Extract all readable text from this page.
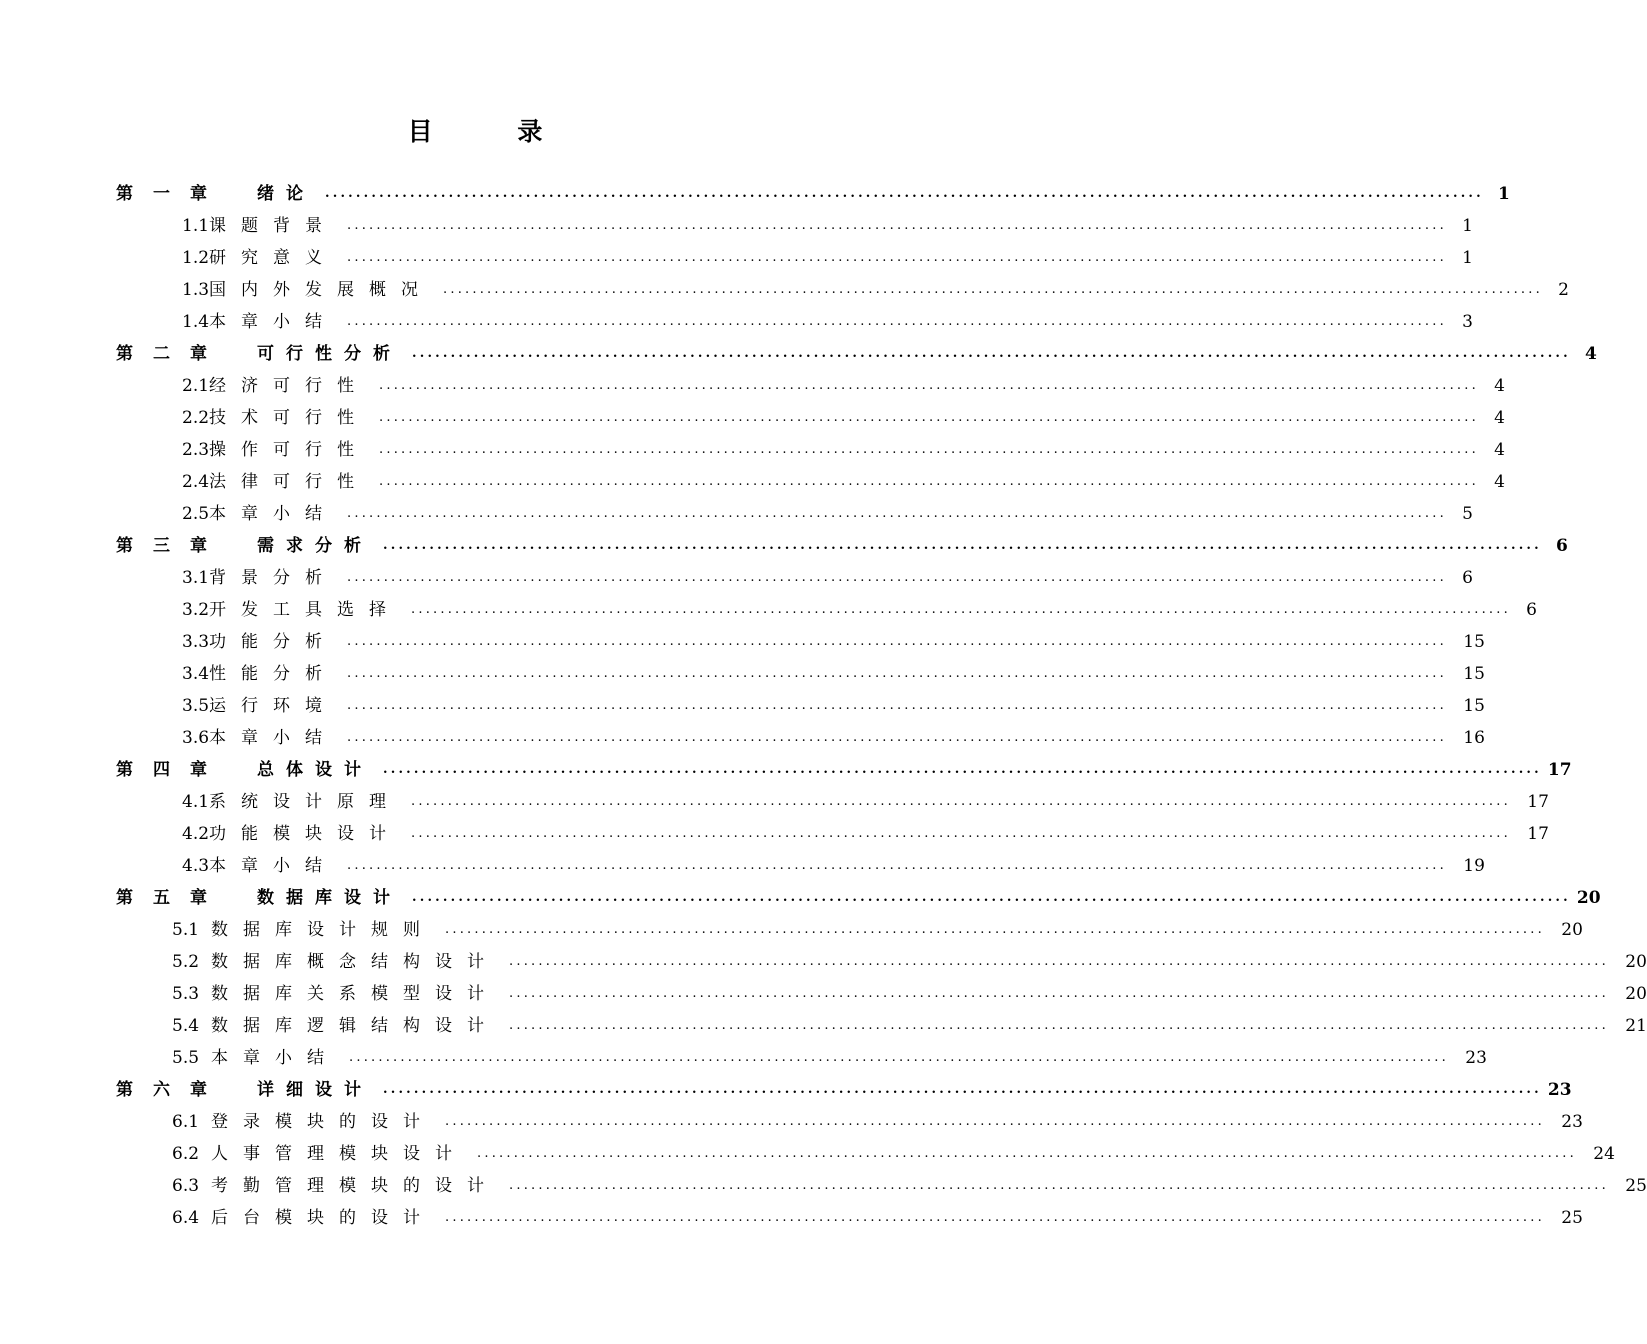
目 录
第一章 绪论 ...................................................................................................................................................... 1
1.1课题背景 ...................................................................................................................................................... 1
1.2研究意义 ...................................................................................................................................................... 1
1.3国内外发展概况 ...................................................................................................................................................... 2
1.4本章小结 ...................................................................................................................................................... 3
第二章 可行性分析 ...................................................................................................................................................... 4
2.1经济可行性 ...................................................................................................................................................... 4
2.2技术可行性 ...................................................................................................................................................... 4
2.3操作可行性 ...................................................................................................................................................... 4
2.4法律可行性 ...................................................................................................................................................... 4
2.5本章小结 ...................................................................................................................................................... 5
第三章 需求分析 ...................................................................................................................................................... 6
3.1背景分析 ...................................................................................................................................................... 6
3.2开发工具选择 ...................................................................................................................................................... 6
3.3功能分析 ...................................................................................................................................................... 15
3.4性能分析 ...................................................................................................................................................... 15
3.5运行环境 ...................................................................................................................................................... 15
3.6本章小结 ...................................................................................................................................................... 16
第四章 总体设计 ...................................................................................................................................................... 17
4.1系统设计原理 ...................................................................................................................................................... 17
4.2功能模块设计 ...................................................................................................................................................... 17
4.3本章小结 ...................................................................................................................................................... 19
第五章 数据库设计 ...................................................................................................................................................... 20
5.1 数据库设计规则 ...................................................................................................................................................... 20
5.2 数据库概念结构设计 ...................................................................................................................................................... 20
5.3 数据库关系模型设计 ...................................................................................................................................................... 20
5.4 数据库逻辑结构设计 ...................................................................................................................................................... 21
5.5 本章小结 ...................................................................................................................................................... 23
第六章 详细设计 ...................................................................................................................................................... 23
6.1 登录模块的设计 ...................................................................................................................................................... 23
6.2 人事管理模块设计 ...................................................................................................................................................... 24
6.3 考勤管理模块的设计 ...................................................................................................................................................... 25
6.4 后台模块的设计 ...................................................................................................................................................... 25
